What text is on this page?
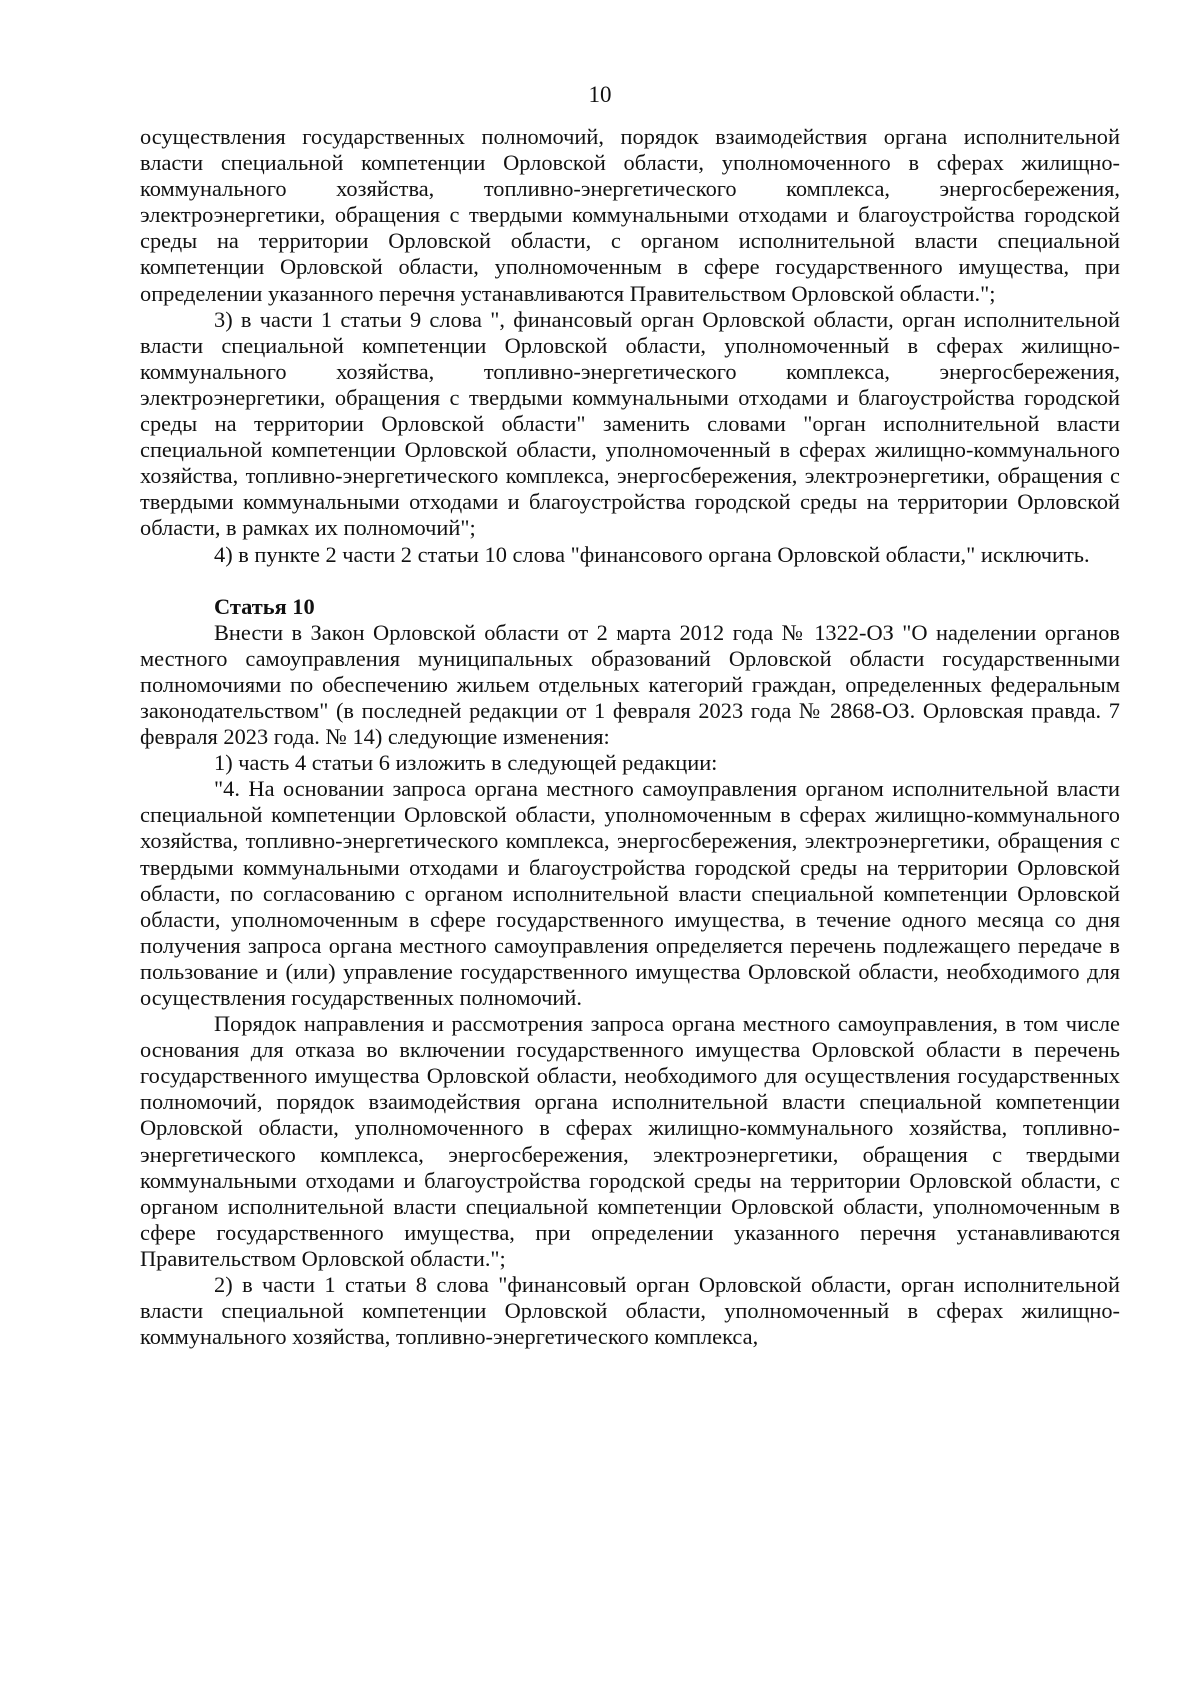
10

осуществления государственных полномочий, порядок взаимодействия органа исполнительной власти специальной компетенции Орловской области, уполномоченного в сферах жилищно-коммунального хозяйства, топливно-энергетического комплекса, энергосбережения, электроэнергетики, обращения с твердыми коммунальными отходами и благоустройства городской среды на территории Орловской области, с органом исполнительной власти специальной компетенции Орловской области, уполномоченным в сфере государственного имущества, при определении указанного перечня устанавливаются Правительством Орловской области.";

3) в части 1 статьи 9 слова ", финансовый орган Орловской области, орган исполнительной власти специальной компетенции Орловской области, уполномоченный в сферах жилищно-коммунального хозяйства, топливно-энергетического комплекса, энергосбережения, электроэнергетики, обращения с твердыми коммунальными отходами и благоустройства городской среды на территории Орловской области" заменить словами "орган исполнительной власти специальной компетенции Орловской области, уполномоченный в сферах жилищно-коммунального хозяйства, топливно-энергетического комплекса, энергосбережения, электроэнергетики, обращения с твердыми коммунальными отходами и благоустройства городской среды на территории Орловской области, в рамках их полномочий";

4) в пункте 2 части 2 статьи 10 слова "финансового органа Орловской области," исключить.

Статья 10

Внести в Закон Орловской области от 2 марта 2012 года № 1322-ОЗ "О наделении органов местного самоуправления муниципальных образований Орловской области государственными полномочиями по обеспечению жильем отдельных категорий граждан, определенных федеральным законодательством" (в последней редакции от 1 февраля 2023 года № 2868-ОЗ. Орловская правда. 7 февраля 2023 года. № 14) следующие изменения:

1) часть 4 статьи 6 изложить в следующей редакции:

"4. На основании запроса органа местного самоуправления органом исполнительной власти специальной компетенции Орловской области, уполномоченным в сферах жилищно-коммунального хозяйства, топливно-энергетического комплекса, энергосбережения, электроэнергетики, обращения с твердыми коммунальными отходами и благоустройства городской среды на территории Орловской области, по согласованию с органом исполнительной власти специальной компетенции Орловской области, уполномоченным в сфере государственного имущества, в течение одного месяца со дня получения запроса органа местного самоуправления определяется перечень подлежащего передаче в пользование и (или) управление государственного имущества Орловской области, необходимого для осуществления государственных полномочий.

Порядок направления и рассмотрения запроса органа местного самоуправления, в том числе основания для отказа во включении государственного имущества Орловской области в перечень государственного имущества Орловской области, необходимого для осуществления государственных полномочий, порядок взаимодействия органа исполнительной власти специальной компетенции Орловской области, уполномоченного в сферах жилищно-коммунального хозяйства, топливно-энергетического комплекса, энергосбережения, электроэнергетики, обращения с твердыми коммунальными отходами и благоустройства городской среды на территории Орловской области, с органом исполнительной власти специальной компетенции Орловской области, уполномоченным в сфере государственного имущества, при определении указанного перечня устанавливаются Правительством Орловской области.";

2) в части 1 статьи 8 слова "финансовый орган Орловской области, орган исполнительной власти специальной компетенции Орловской области, уполномоченный в сферах жилищно-коммунального хозяйства, топливно-энергетического комплекса,
